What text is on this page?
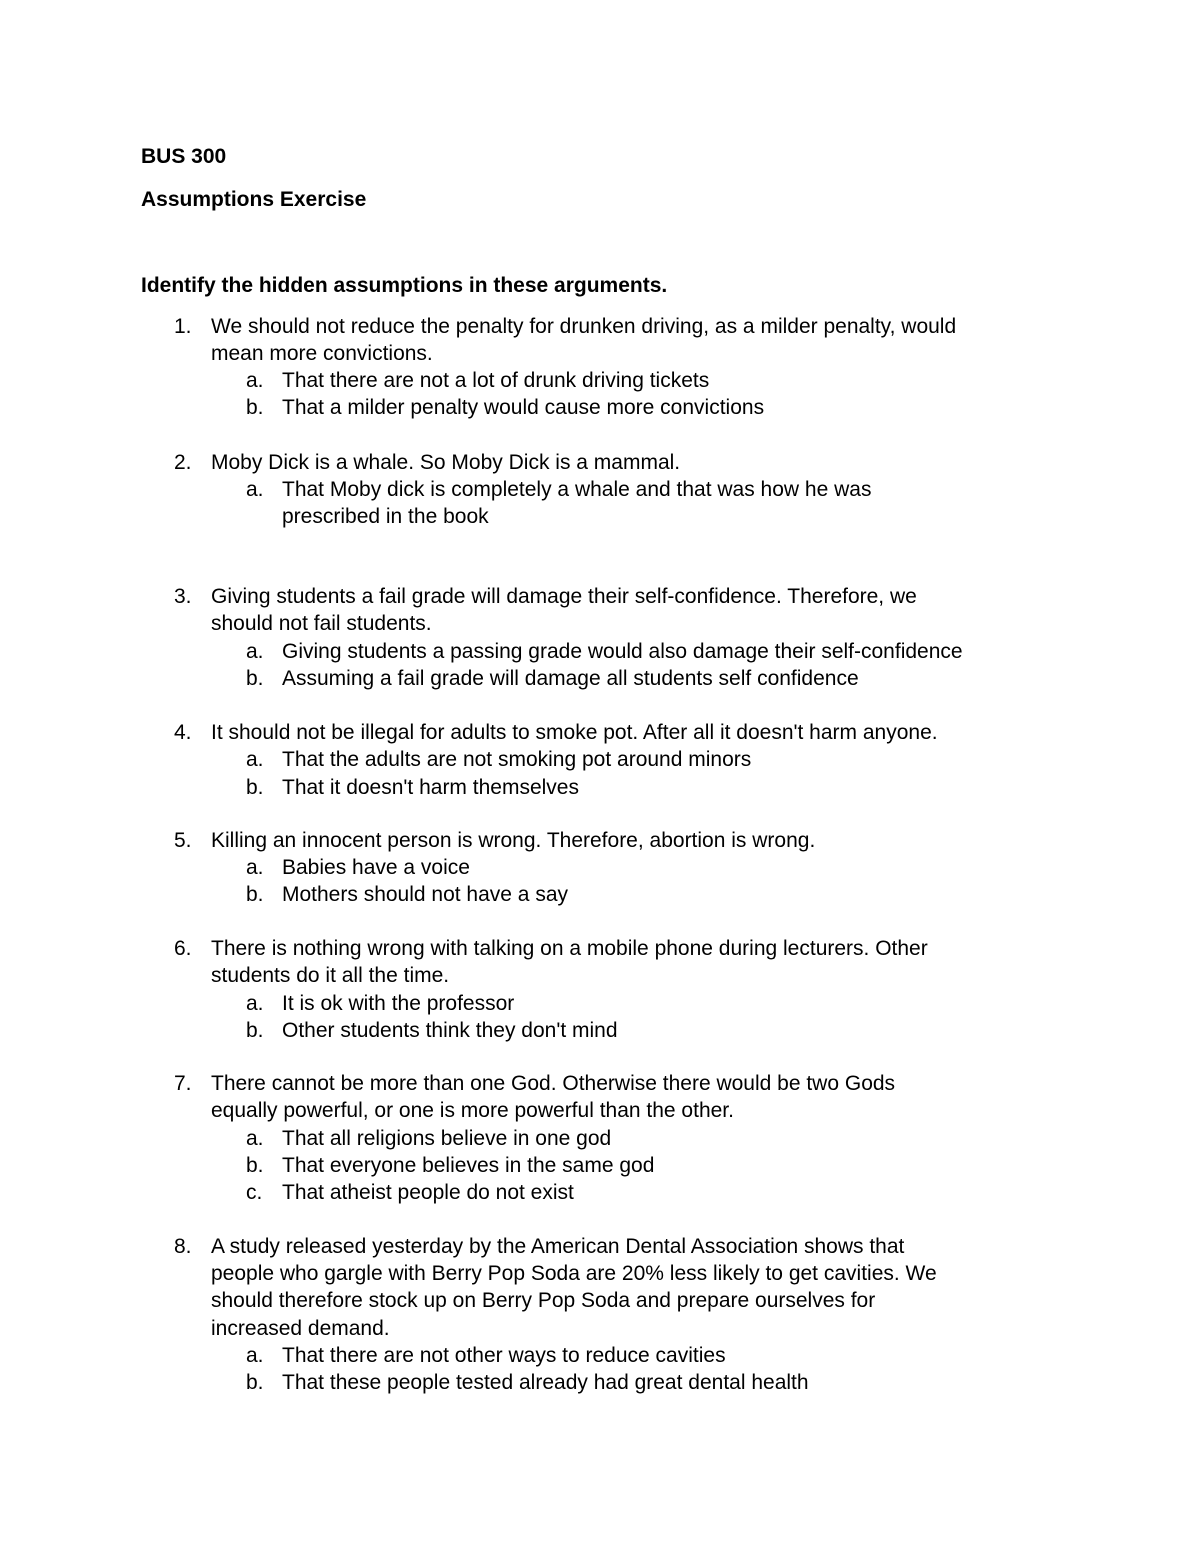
BUS 300

Assumptions Exercise

Identify the hidden assumptions in these arguments.

1. We should not reduce the penalty for drunken driving, as a milder penalty, would
mean more convictions.
a. That there are not a lot of drunk driving tickets
b. That a milder penalty would cause more convictions
2. Moby Dick is a whale. So Moby Dick is a mammal.
a. That Moby dick is completely a whale and that was how he was
prescribed in the book
3. Giving students a fail grade will damage their self-confidence. Therefore, we
should not fail students.
a. Giving students a passing grade would also damage their self-confidence
b. Assuming a fail grade will damage all students self confidence
4. It should not be illegal for adults to smoke pot. After all it doesn't harm anyone.
a. That the adults are not smoking pot around minors
b. That it doesn't harm themselves
5. Killing an innocent person is wrong. Therefore, abortion is wrong.
a. Babies have a voice
b. Mothers should not have a say
6. There is nothing wrong with talking on a mobile phone during lecturers. Other
students do it all the time.
a. It is ok with the professor
b. Other students think they don't mind
7. There cannot be more than one God. Otherwise there would be two Gods
equally powerful, or one is more powerful than the other.
a. That all religions believe in one god
b. That everyone believes in the same god
c. That atheist people do not exist
8. A study released yesterday by the American Dental Association shows that
people who gargle with Berry Pop Soda are 20% less likely to get cavities. We
should therefore stock up on Berry Pop Soda and prepare ourselves for
increased demand.
a. That there are not other ways to reduce cavities
b. That these people tested already had great dental health
